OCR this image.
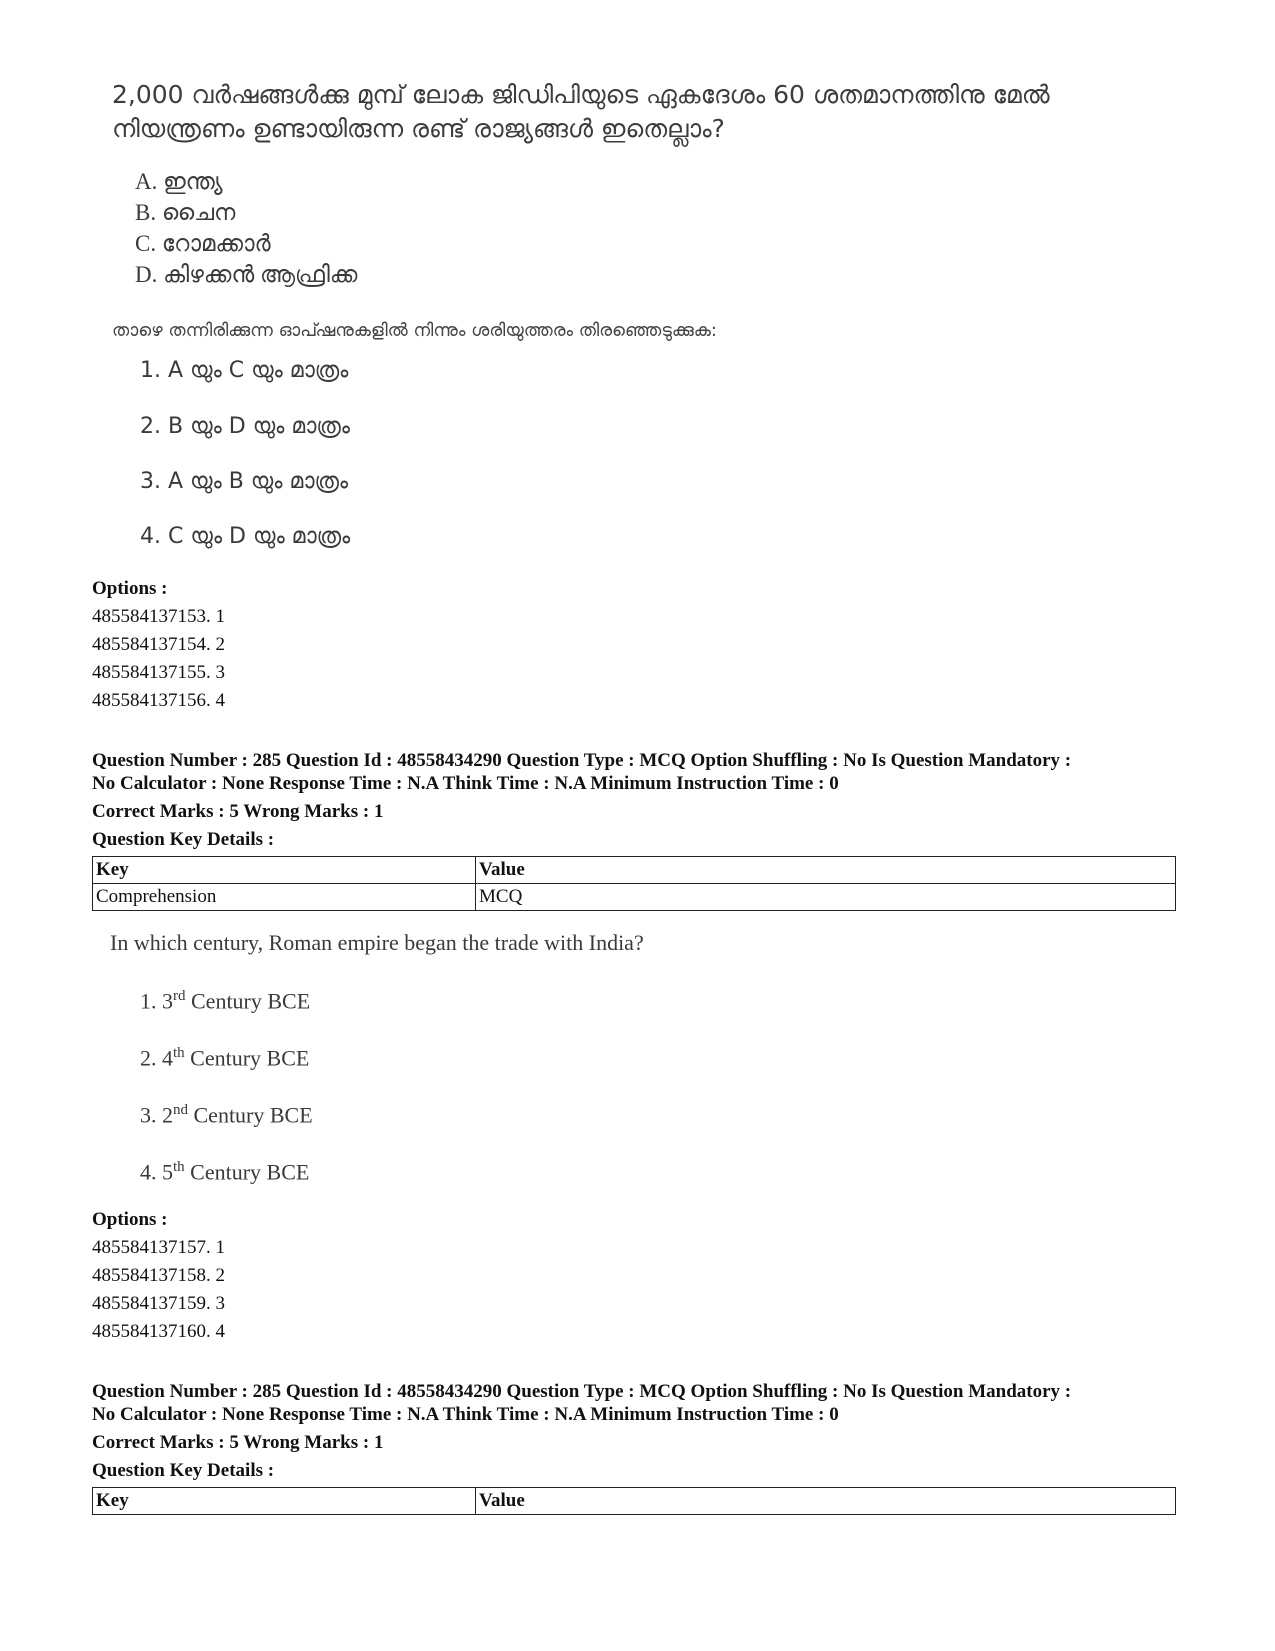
2,000 വർഷങ്ങൾക്കു മുമ്പ് ലോക ജിഡിപിയുടെ ഏകദേശം 60 ശതമാനത്തിനു മേൽ നിയന്ത്രണം ഉണ്ടായിരുന്ന രണ്ട് രാജ്യങ്ങൾ ഇതെല്ലാം?
A. ഇന്ത്യ
B. ചൈന
C. റോമക്കാർ
D. കിഴക്കൻ ആഫ്രിക്ക
താഴെ തന്നിരിക്കുന്ന ഓപ്ഷനുകളിൽ നിന്നും ശരിയുത്തരം തിരഞ്ഞെടുക്കുക:
1. A യും C യും മാത്രം
2. B യും D യും മാത്രം
3. A യും B യും മാത്രം
4. C യും D യും മാത്രം
Options :
485584137153. 1
485584137154. 2
485584137155. 3
485584137156. 4
Question Number : 285 Question Id : 48558434290 Question Type : MCQ Option Shuffling : No Is Question Mandatory :
No Calculator : None Response Time : N.A Think Time : N.A Minimum Instruction Time : 0
Correct Marks : 5 Wrong Marks : 1
Question Key Details :
Key	Value
Comprehension	MCQ
In which century, Roman empire began the trade with India?
1. 3rd Century BCE
2. 4th Century BCE
3. 2nd Century BCE
4. 5th Century BCE
Options :
485584137157. 1
485584137158. 2
485584137159. 3
485584137160. 4
Question Number : 285 Question Id : 48558434290 Question Type : MCQ Option Shuffling : No Is Question Mandatory :
No Calculator : None Response Time : N.A Think Time : N.A Minimum Instruction Time : 0
Correct Marks : 5 Wrong Marks : 1
Question Key Details :
Key	Value
